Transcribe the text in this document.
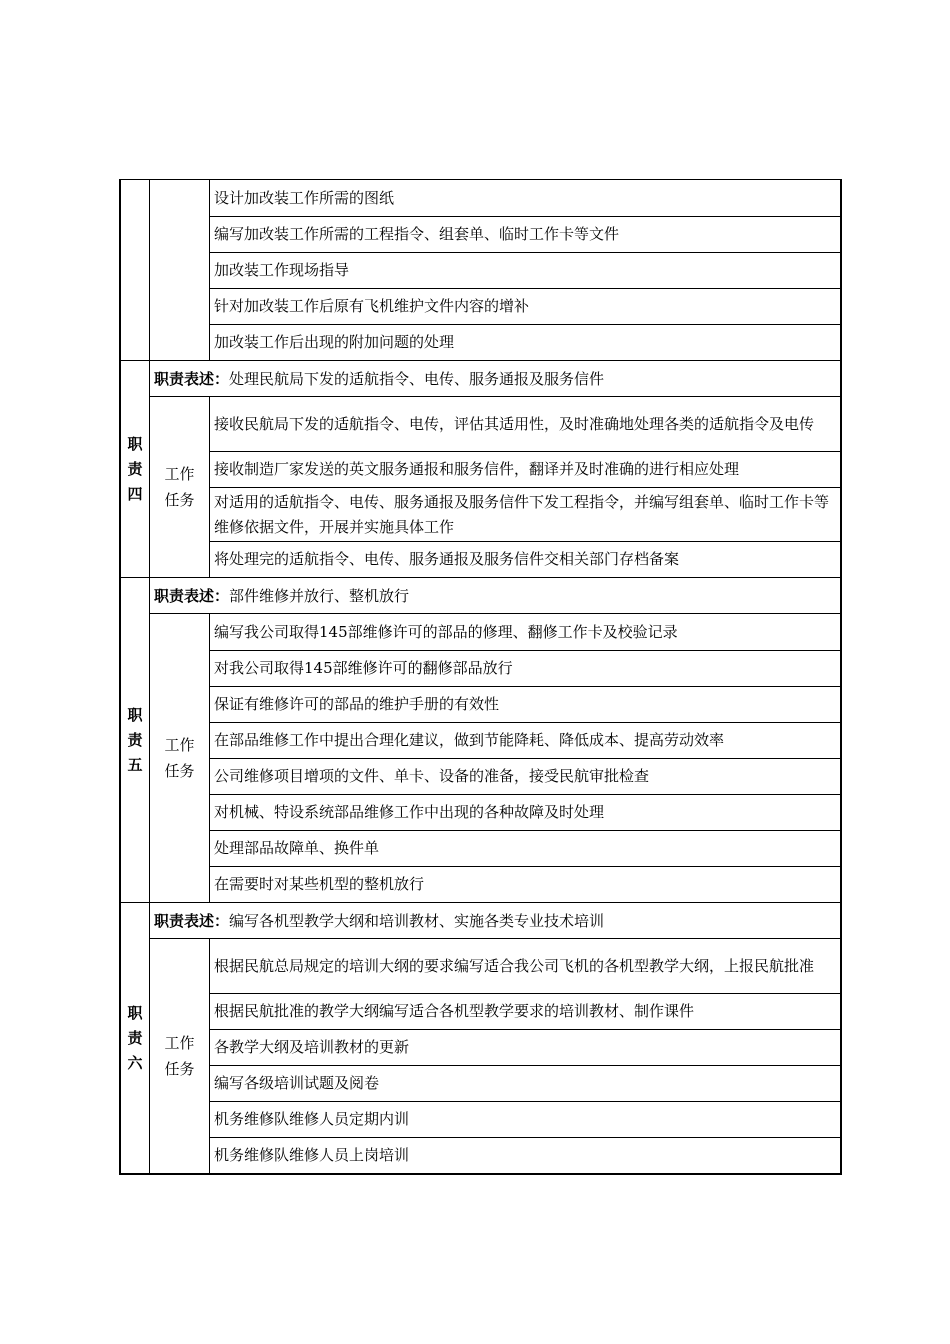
设计加改装工作所需的图纸
编写加改装工作所需的工程指令、组套单、临时工作卡等文件
加改装工作现场指导
针对加改装工作后原有飞机维护文件内容的增补
加改装工作后出现的附加问题的处理
职
责
四
职责表述： 处理民航局下发的适航指令、电传、服务通报及服务信件
工作任务
接收民航局下发的适航指令、电传，评估其适用性，及时准确地处理各类的适航指令及电传
接收制造厂家发送的英文服务通报和服务信件，翻译并及时准确的进行相应处理
对适用的适航指令、电传、服务通报及服务信件下发工程指令，并编写组套单、临时工作卡等维修依据文件，开展并实施具体工作
将处理完的适航指令、电传、服务通报及服务信件交相关部门存档备案
职
责
五
职责表述： 部件维修并放行、整机放行
工作任务
编写我公司取得145部维修许可的部品的修理、翻修工作卡及校验记录
对我公司取得145部维修许可的翻修部品放行
保证有维修许可的部品的维护手册的有效性
在部品维修工作中提出合理化建议，做到节能降耗、降低成本、提高劳动效率
公司维修项目增项的文件、单卡、设备的准备，接受民航审批检查
对机械、特设系统部品维修工作中出现的各种故障及时处理
处理部品故障单、换件单
在需要时对某些机型的整机放行
职
责
六
职责表述： 编写各机型教学大纲和培训教材、实施各类专业技术培训
工作任务
根据民航总局规定的培训大纲的要求编写适合我公司飞机的各机型教学大纲，上报民航批准
根据民航批准的教学大纲编写适合各机型教学要求的培训教材、制作课件
各教学大纲及培训教材的更新
编写各级培训试题及阅卷
机务维修队维修人员定期内训
机务维修队维修人员上岗培训
